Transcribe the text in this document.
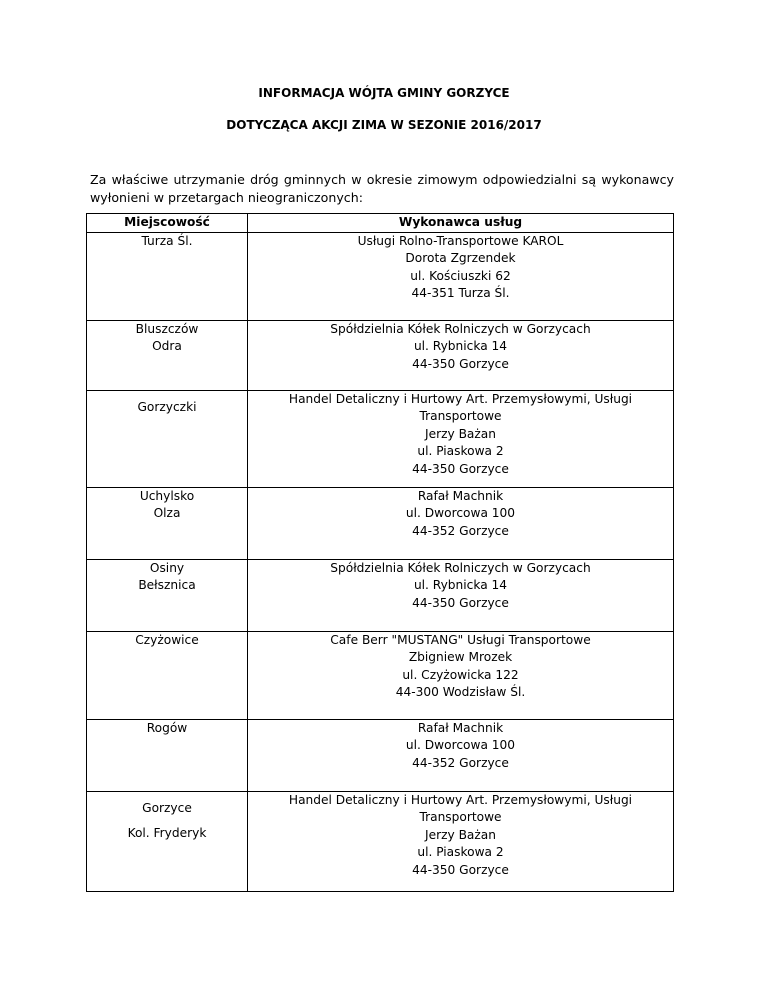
INFORMACJA WÓJTA GMINY GORZYCE
DOTYCZĄCA AKCJI ZIMA W SEZONIE 2016/2017

Za właściwe utrzymanie dróg gminnych w okresie zimowym odpowiedzialni są wykonawcy wyłonieni w przetargach nieograniczonych:

Miejscowość	Wykonawca usług

Turza Śl.	Usługi Rolno-Transportowe KAROL
Dorota Zgrzendek
ul. Kościuszki 62
44-351 Turza Śl.

Bluszczów
Odra	Spółdzielnia Kółek Rolniczych w Gorzycach
ul. Rybnicka 14
44-350 Gorzyce

Gorzyczki	Handel Detaliczny i Hurtowy Art. Przemysłowymi, Usługi
Transportowe
Jerzy Bażan
ul. Piaskowa 2
44-350 Gorzyce

Uchylsko
Olza	Rafał Machnik
ul. Dworcowa 100
44-352 Gorzyce

Osiny
Bełsznica	Spółdzielnia Kółek Rolniczych w Gorzycach
ul. Rybnicka 14
44-350 Gorzyce

Czyżowice	Cafe Berr "MUSTANG" Usługi Transportowe
Zbigniew Mrozek
ul. Czyżowicka 122
44-300 Wodzisław Śl.

Rogów	Rafał Machnik
ul. Dworcowa 100
44-352 Gorzyce

Gorzyce
Kol. Fryderyk	Handel Detaliczny i Hurtowy Art. Przemysłowymi, Usługi
Transportowe
Jerzy Bażan
ul. Piaskowa 2
44-350 Gorzyce
